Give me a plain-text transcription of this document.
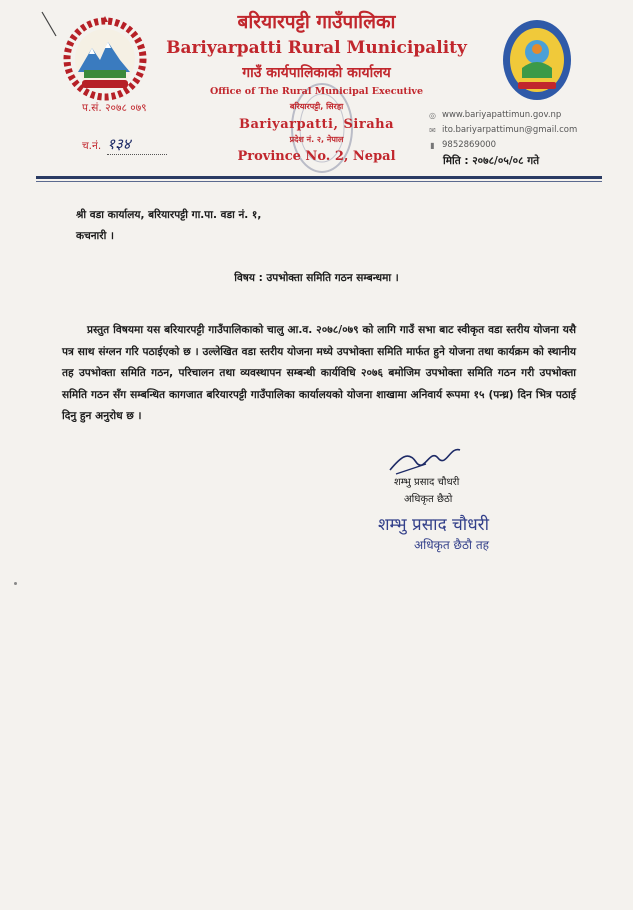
बरियारपट्टी गाउँपालिका
Bariyarpatti Rural Municipality
गाउँ कार्यपालिकाको कार्यालय
Office of The Rural Municipal Executive
बरियारपट्टी, सिरहा
Bariyarpatti, Siraha
प्रदेश नं. २, नेपाल
Province No. 2, Nepal
प.सं. २०७८ ०७९
च.नं. १३४
◎ www.bariyapattimun.gov.np
✉ ito.bariyarpattimun@gmail.com
▮ 9852869000
मिति : २०७८/०५/०८ गते
श्री वडा कार्यालय, बरियारपट्टी गा.पा. वडा नं. १,
कचनारी ।
विषय : उपभोक्ता समिति गठन सम्बन्धमा ।
प्रस्तुत विषयमा यस बरियारपट्टी गाउँपालिकाको चालु आ.व. २०७८/०७९ को लागि गाउँ सभा बाट स्वीकृत वडा स्तरीय योजना यसै पत्र साथ संग्लन गरि पठाईएको छ । उल्लेखित वडा स्तरीय योजना मध्ये उपभोक्ता समिति मार्फत हुने योजना तथा कार्यक्रम को स्थानीय तह उपभोक्ता समिति गठन, परिचालन तथा व्यवस्थापन सम्बन्धी कार्यविधि २०७६ बमोजिम उपभोक्ता समिति गठन गरी उपभोक्ता समिति गठन सँग सम्बन्धित कागजात बरियारपट्टी गाउँपालिका कार्यालयको योजना शाखामा अनिवार्य रूपमा १५ (पन्ध्र) दिन भित्र पठाई दिनु हुन अनुरोध छ ।
शम्भु प्रसाद चौधरी
अधिकृत छैठो
शम्भु प्रसाद चौधरी
अधिकृत छैठौ तह
